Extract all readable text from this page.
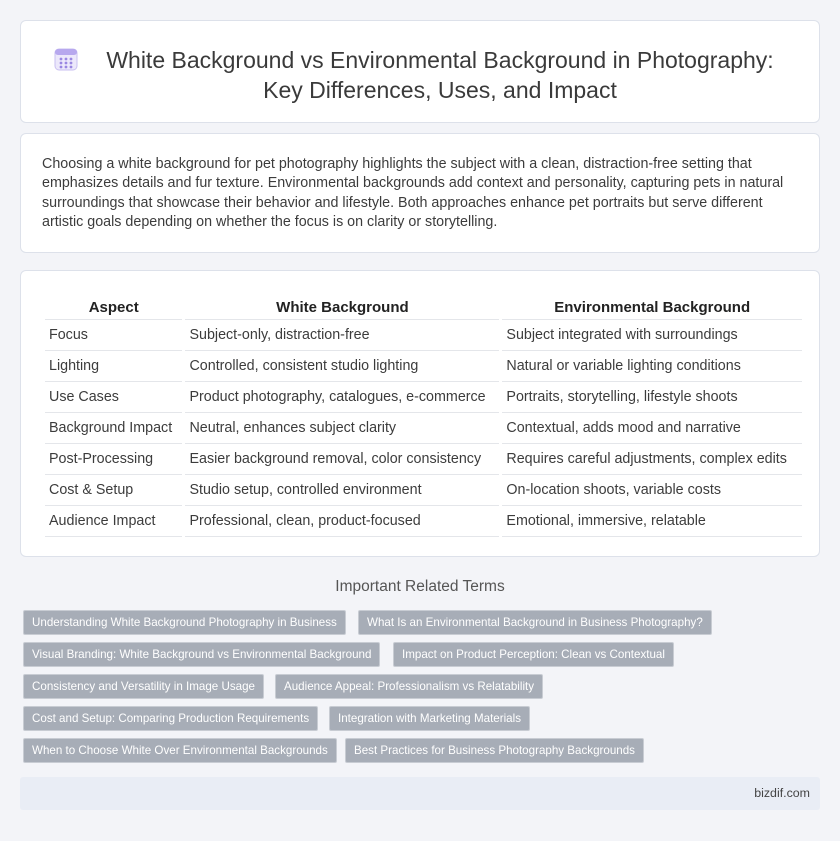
White Background vs Environmental Background in Photography:
Key Differences, Uses, and Impact

Choosing a white background for pet photography highlights the subject with a clean, distraction-free setting that emphasizes details and fur texture. Environmental backgrounds add context and personality, capturing pets in natural surroundings that showcase their behavior and lifestyle. Both approaches enhance pet portraits but serve different artistic goals depending on whether the focus is on clarity or storytelling.

Aspect	White Background	Environmental Background
Focus	Subject-only, distraction-free	Subject integrated with surroundings
Lighting	Controlled, consistent studio lighting	Natural or variable lighting conditions
Use Cases	Product photography, catalogues, e-commerce	Portraits, storytelling, lifestyle shoots
Background Impact	Neutral, enhances subject clarity	Contextual, adds mood and narrative
Post-Processing	Easier background removal, color consistency	Requires careful adjustments, complex edits
Cost & Setup	Studio setup, controlled environment	On-location shoots, variable costs
Audience Impact	Professional, clean, product-focused	Emotional, immersive, relatable
Important Related Terms
Understanding White Background Photography in Business	What Is an Environmental Background in Business Photography?
Visual Branding: White Background vs Environmental Background	Impact on Product Perception: Clean vs Contextual
Consistency and Versatility in Image Usage	Audience Appeal: Professionalism vs Relatability
Cost and Setup: Comparing Production Requirements	Integration with Marketing Materials
When to Choose White Over Environmental Backgrounds	Best Practices for Business Photography Backgrounds
bizdif.com
